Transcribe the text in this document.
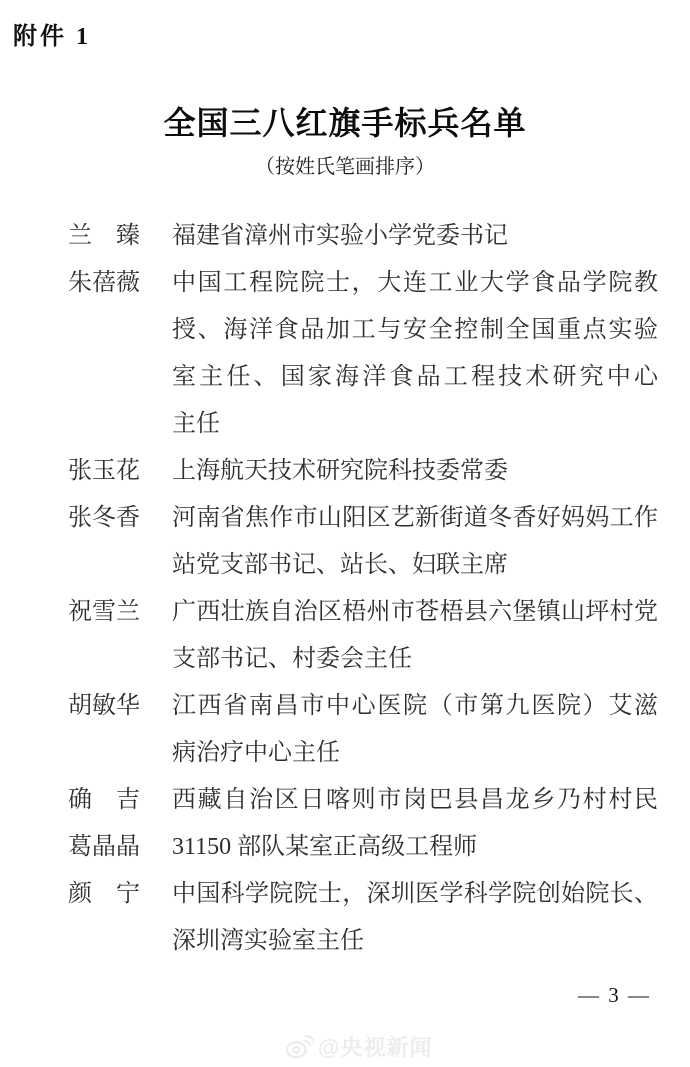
附件 1
全国三八红旗手标兵名单
（按姓氏笔画排序）
兰　臻 福建省漳州市实验小学党委书记
朱蓓薇 中国工程院院士，大连工业大学食品学院教
授、海洋食品加工与安全控制全国重点实验
室主任、国家海洋食品工程技术研究中心
主任
张玉花 上海航天技术研究院科技委常委
张冬香 河南省焦作市山阳区艺新街道冬香好妈妈工作
站党支部书记、站长、妇联主席
祝雪兰 广西壮族自治区梧州市苍梧县六堡镇山坪村党
支部书记、村委会主任
胡敏华 江西省南昌市中心医院（市第九医院）艾滋
病治疗中心主任
确　吉 西藏自治区日喀则市岗巴县昌龙乡乃村村民
葛晶晶 31150 部队某室正高级工程师
颜　宁 中国科学院院士，深圳医学科学院创始院长、
深圳湾实验室主任
— 3 —
@央视新闻
